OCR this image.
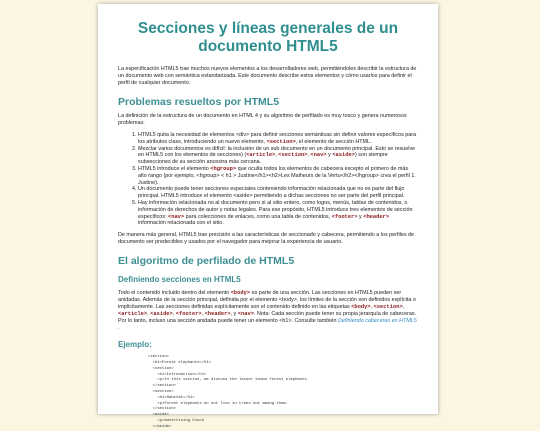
Secciones y líneas generales de un documento HTML5

La especificación HTML5 trae muchos nuevos elementos a los desarrolladores web, permitiéndoles describir la estructura de un documento web con semántica estandarizada. Este documento describe estos elementos y cómo usarlos para definir el perfil de cualquier documento.

Problemas resueltos por HTML5

La definición de la estructura de un documento en HTML 4 y su algoritmo de perfilado es muy tosco y genera numerosos problemas:

1. HTML5 quita la necesidad de elementos <div> para definir secciones semánticas sin definir valores específicos para los atributos class, introduciendo un nuevo elemento, <section>, el elemento de sección HTML.
2. Mezclar varios documentos es difícil: la inclusión de un sub documento en un documento principal. Esto se resuelve en HTML5 con los elementos de secciones) (<article>, <section>, <nav> y <aside>) son siempre subsecciones de su sección ancestra más cercana.
3. HTML5 introduce el elemento <hgroup> que oculta todos los elementos de cabecera excepto el primero de más alto rango (por ejemplo, <hgroup> < h1 > Justine</h1><h2>Les Malheurs de la Vertu</h2></hgroup> crea el perfil 1. Justine).
4. Un documento puede tener secciones especiales conteniendo información relacionada que no es parte del flujo principal. HTML5 introduce el elemento <aside> permitiendo a dichas secciones no ser parte del perfil principal.
5. Hay información relacionada no al documento pero sí al sitio entero, como logos, menús, tablas de contenidos, o información de derechos de autor y notas legales. Para ese propósito, HTML5 introduce tres elementos de sección específicos: <nav> para colecciones de enlaces, como una tabla de contenidos, <footer> y <header> información relacionada con el sitio.

De manera más general, HTML5 trae precisión a las características de seccionado y cabecera, permitiendo a los perfiles de documento ser predecibles y usados por el navegador para mejorar la experiencia de usuario.

El algoritmo de perfilado de HTML5
Definiendo secciones en HTML5

Todo el contenido incluido dentro del elemento <body> es parte de una sección. Las secciones en HTML5 pueden ser anidadas. Además de la sección principal, definida por el elemento <body>, los límites de la sección son definidos explícita o implícitamente. Las secciones definidas explícitamente son el contenido definido en las etiquetas <body>, <section>, <article>, <aside>, <footer>, <header>, y <nav>. Nota: Cada sección puede tener su propia jerarquía de cabeceras. Por lo tanto, incluso una sección anidada puede tener un elemento <h1>. Consulte también Definiendo cabeceras en HTML5 .

Ejemplo:
<section>
<h1>Forest elephants</h1>
<section>
<h1>Introduction</h1>
<p>In this section, we discuss the lesser known forest elephants.
</section>
<section>
<h1>Habitat</h1>
<p>Forest elephants do not live in trees but among them.
</section>
<aside>
<p>advertising block
</aside>
